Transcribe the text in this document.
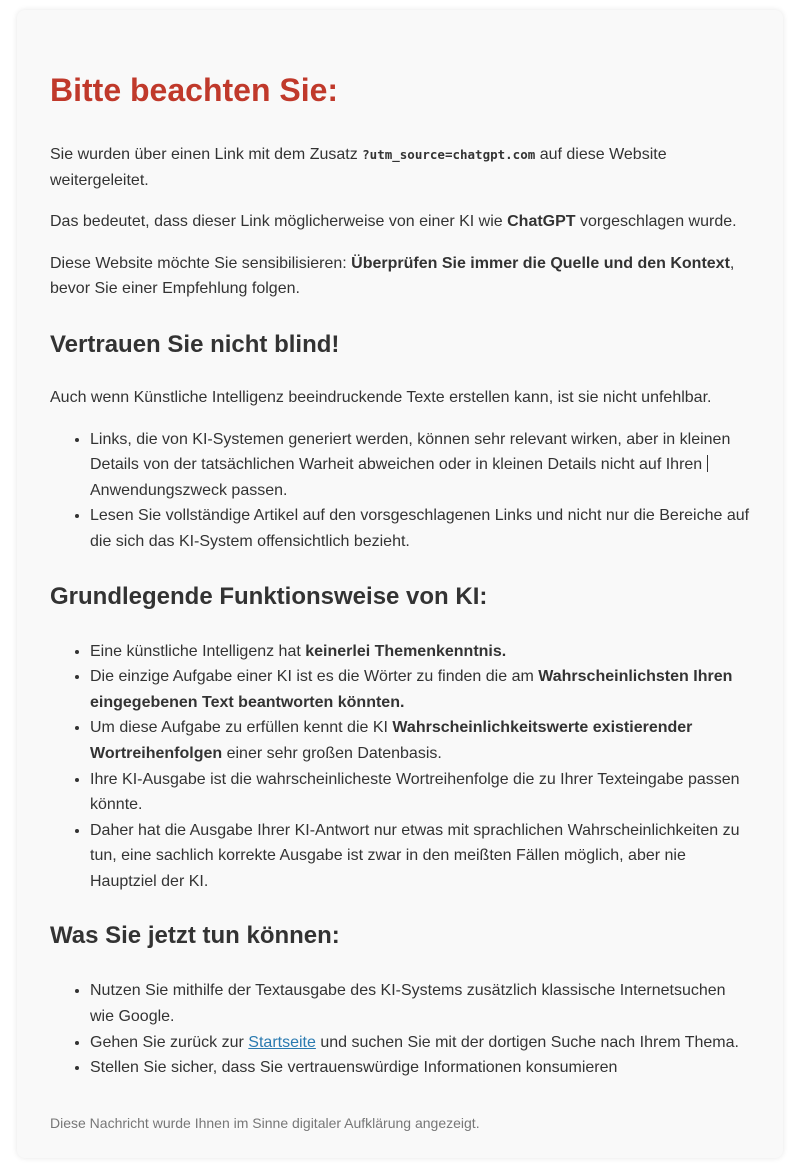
Bitte beachten Sie:

Sie wurden über einen Link mit dem Zusatz ?utm_source=chatgpt.com auf diese Website weitergeleitet.

Das bedeutet, dass dieser Link möglicherweise von einer KI wie ChatGPT vorgeschlagen wurde.

Diese Website möchte Sie sensibilisieren: Überprüfen Sie immer die Quelle und den Kontext, bevor Sie einer Empfehlung folgen.

Vertrauen Sie nicht blind!

Auch wenn Künstliche Intelligenz beeindruckende Texte erstellen kann, ist sie nicht unfehlbar.

• Links, die von KI-Systemen generiert werden, können sehr relevant wirken, aber in kleinen Details von der tatsächlichen Warheit abweichen oder in kleinen Details nicht auf Ihren Anwendungszweck passen.
• Lesen Sie vollständige Artikel auf den vorsgeschlagenen Links und nicht nur die Bereiche auf die sich das KI-System offensichtlich bezieht.
Grundlegende Funktionsweise von KI:
• Eine künstliche Intelligenz hat keinerlei Themenkenntnis.
• Die einzige Aufgabe einer KI ist es die Wörter zu finden die am Wahrscheinlichsten Ihren eingegebenen Text beantworten könnten.
• Um diese Aufgabe zu erfüllen kennt die KI Wahrscheinlichkeitswerte existierender Wortreihenfolgen einer sehr großen Datenbasis.
• Ihre KI-Ausgabe ist die wahrscheinlicheste Wortreihenfolge die zu Ihrer Texteingabe passen könnte.
• Daher hat die Ausgabe Ihrer KI-Antwort nur etwas mit sprachlichen Wahrscheinlichkeiten zu tun, eine sachlich korrekte Ausgabe ist zwar in den meißten Fällen möglich, aber nie Hauptziel der KI.
Was Sie jetzt tun können:
• Nutzen Sie mithilfe der Textausgabe des KI-Systems zusätzlich klassische Internetsuchen wie Google.
• Gehen Sie zurück zur Startseite und suchen Sie mit der dortigen Suche nach Ihrem Thema.
• Stellen Sie sicher, dass Sie vertrauenswürdige Informationen konsumieren

Diese Nachricht wurde Ihnen im Sinne digitaler Aufklärung angezeigt.
